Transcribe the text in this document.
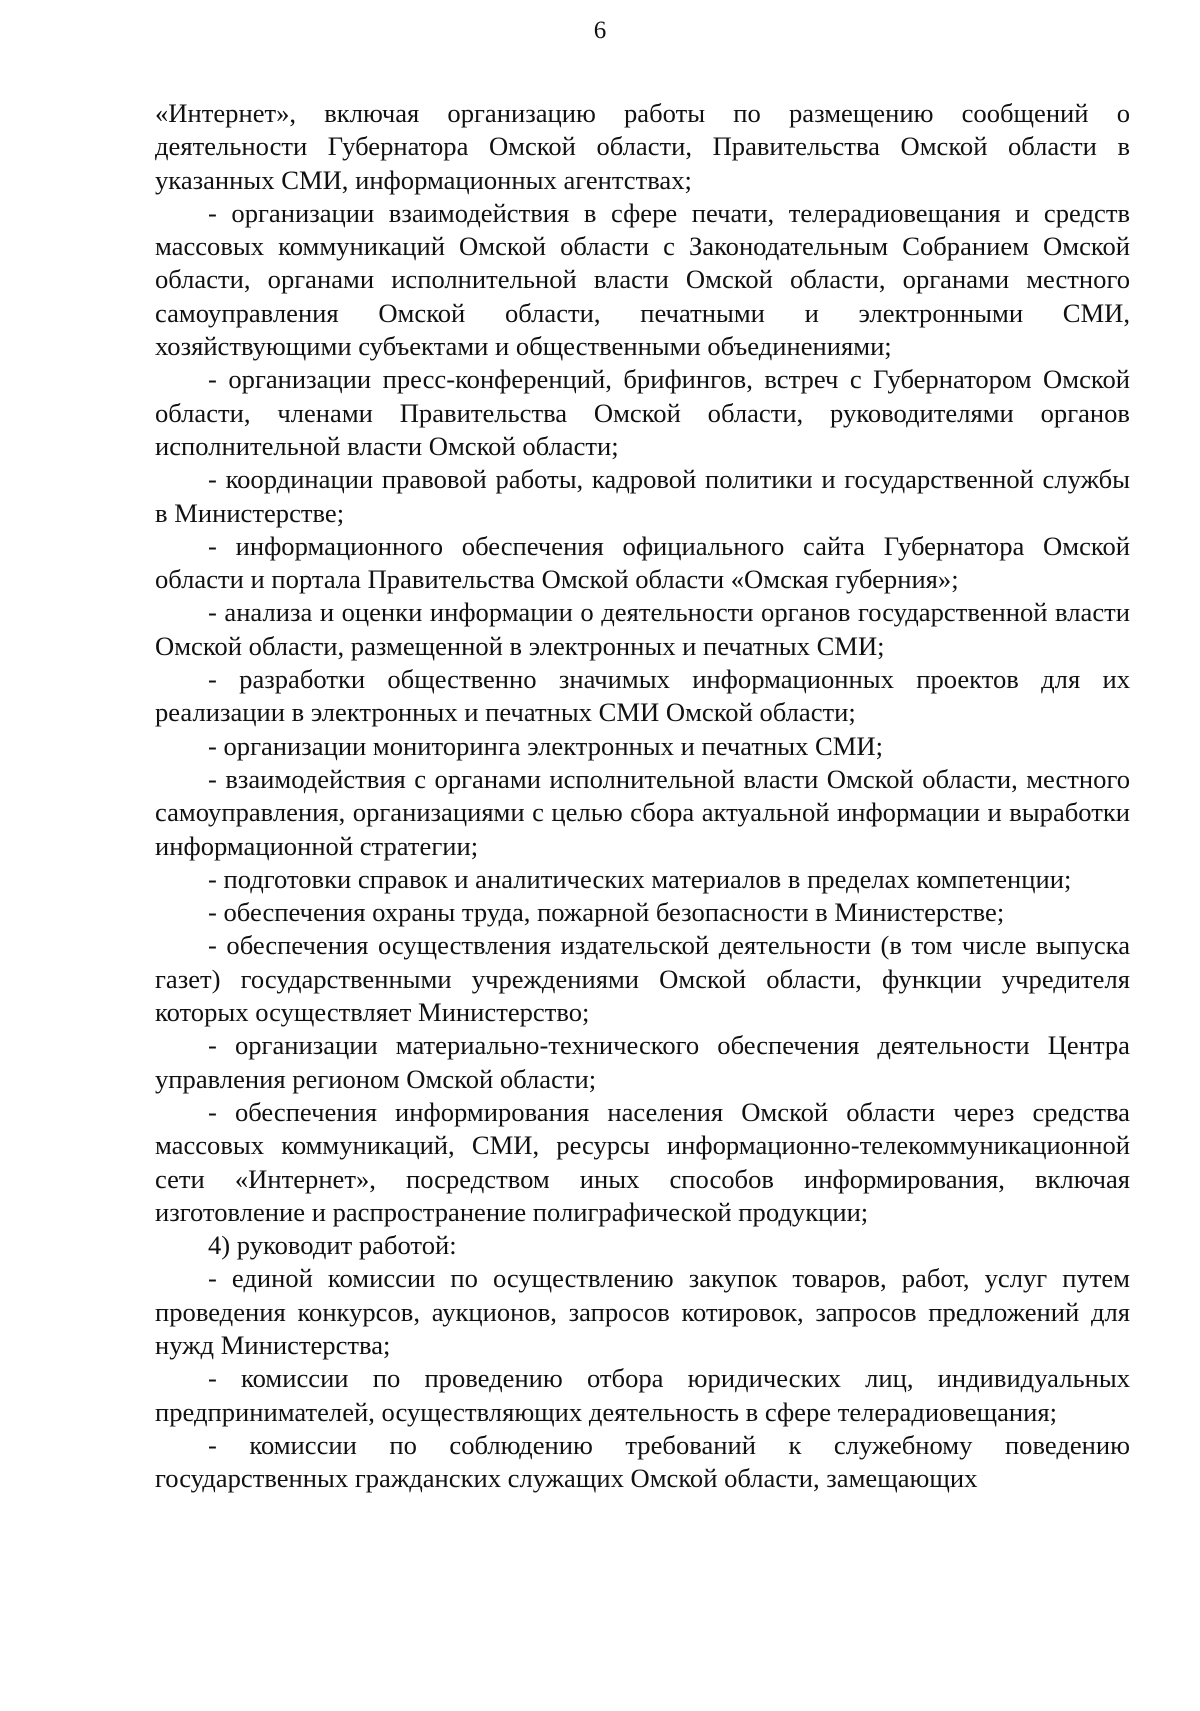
6

«Интернет», включая организацию работы по размещению сообщений о деятельности Губернатора Омской области, Правительства Омской области в указанных СМИ, информационных агентствах;

- организации взаимодействия в сфере печати, телерадиовещания и средств массовых коммуникаций Омской области с Законодательным Собранием Омской области, органами исполнительной власти Омской области, органами местного самоуправления Омской области, печатными и электронными СМИ, хозяйствующими субъектами и общественными объединениями;

- организации пресс-конференций, брифингов, встреч с Губернатором Омской области, членами Правительства Омской области, руководителями органов исполнительной власти Омской области;

- координации правовой работы, кадровой политики и государственной службы в Министерстве;

- информационного обеспечения официального сайта Губернатора Омской области и портала Правительства Омской области «Омская губерния»;

- анализа и оценки информации о деятельности органов государственной власти Омской области, размещенной в электронных и печатных СМИ;

- разработки общественно значимых информационных проектов для их реализации в электронных и печатных СМИ Омской области;

- организации мониторинга электронных и печатных СМИ;

- взаимодействия с органами исполнительной власти Омской области, местного самоуправления, организациями с целью сбора актуальной информации и выработки информационной стратегии;

- подготовки справок и аналитических материалов в пределах компетенции;

- обеспечения охраны труда, пожарной безопасности в Министерстве;

- обеспечения осуществления издательской деятельности (в том числе выпуска газет) государственными учреждениями Омской области, функции учредителя которых осуществляет Министерство;

- организации материально-технического обеспечения деятельности Центра управления регионом Омской области;

- обеспечения информирования населения Омской области через средства массовых коммуникаций, СМИ, ресурсы информационно-телекоммуникационной сети «Интернет», посредством иных способов информирования, включая изготовление и распространение полиграфической продукции;

4) руководит работой:

- единой комиссии по осуществлению закупок товаров, работ, услуг путем проведения конкурсов, аукционов, запросов котировок, запросов предложений для нужд Министерства;

- комиссии по проведению отбора юридических лиц, индивидуальных предпринимателей, осуществляющих деятельность в сфере телерадиовещания;

- комиссии по соблюдению требований к служебному поведению государственных гражданских служащих Омской области, замещающих
